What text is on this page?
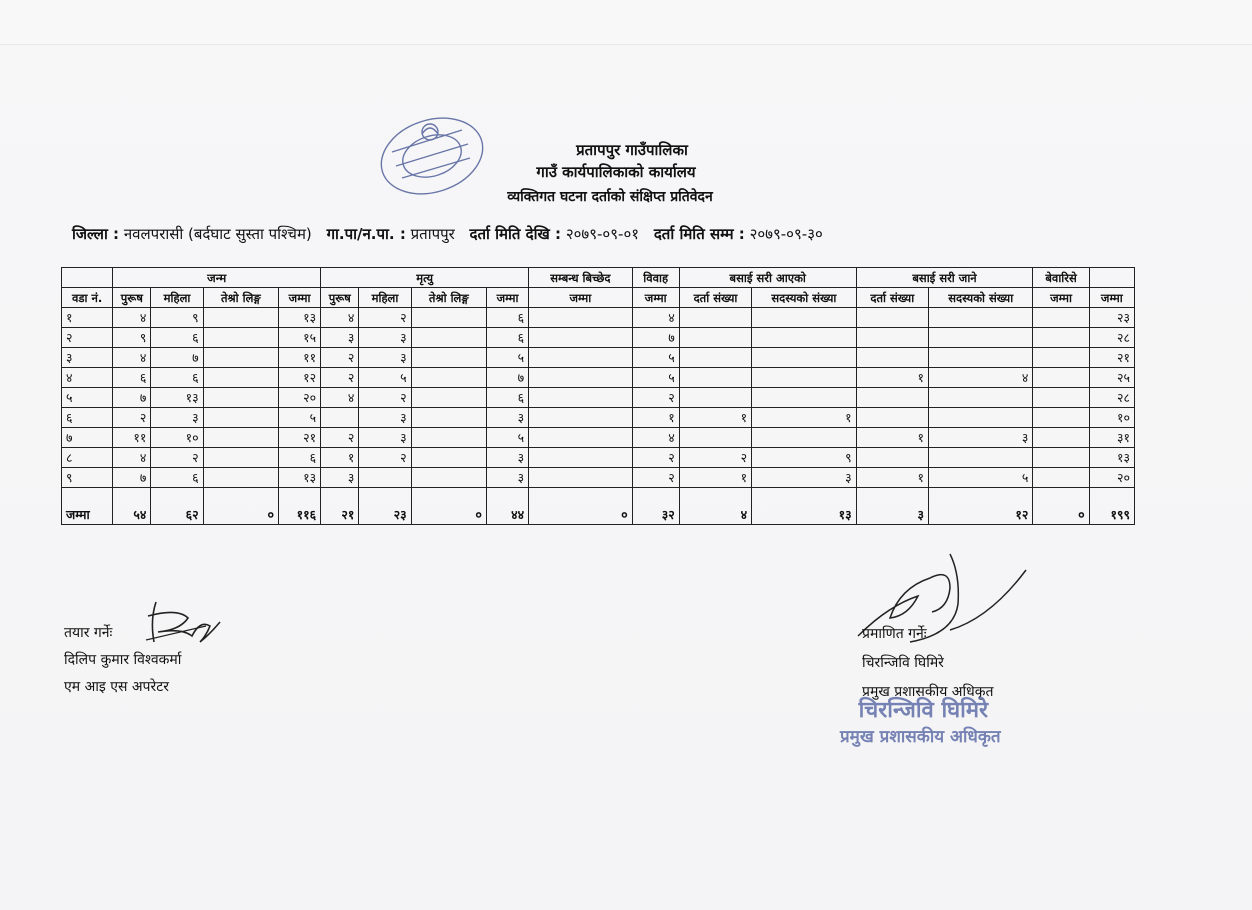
प्रतापपुर गाउँपालिका
गाउँ कार्यपालिकाको कार्यालय
व्यक्तिगत घटना दर्ताको संक्षिप्त प्रतिवेदन
जिल्ला : नवलपरासी (बर्दघाट सुस्ता पश्चिम) गा.पा/न.पा. : प्रतापपुर दर्ता मिति देखि : २०७९-०९-०१ दर्ता मिति सम्म : २०७९-०९-३०
	जन्म				मृत्यु				सम्बन्ध बिच्छेद	विवाह	बसाई सरी आएको		बसाई सरी जाने		बेवारिसे	
वडा नं.	पुरूष	महिला	तेश्रो लिङ्ग	जम्मा	पुरूष	महिला	तेश्रो लिङ्ग	जम्मा	जम्मा	जम्मा	दर्ता संख्या	सदस्यको संख्या	दर्ता संख्या	सदस्यको संख्या	जम्मा	जम्मा
१	४	९		१३	४	२		६		४						२३
२	९	६		१५	३	३		६		७						२८
३	४	७		११	२	३		५		५						२१
४	६	६		१२	२	५		७		५			१	४		२५
५	७	१३		२०	४	२		६		२						२८
६	२	३		५		३		३		१	१	१				१०
७	११	१०		२१	२	३		५		४			१	३		३१
८	४	२		६	१	२		३		२	२	९				१३
९	७	६		१३	३			३		२	१	३	१	५		२०
जम्मा	५४	६२	०	११६	२१	२३	०	४४	०	३२	४	१३	३	१२	०	१९९
तयार गर्नेः
दिलिप कुमार विश्वकर्मा
एम आइ एस अपरेटर
प्रमाणित गर्नेः
चिरन्जिवि घिमिरे
प्रमुख प्रशासकीय अधिकृत
चिरन्जिवि घिमिरे
प्रमुख प्रशासकीय अधिकृत
